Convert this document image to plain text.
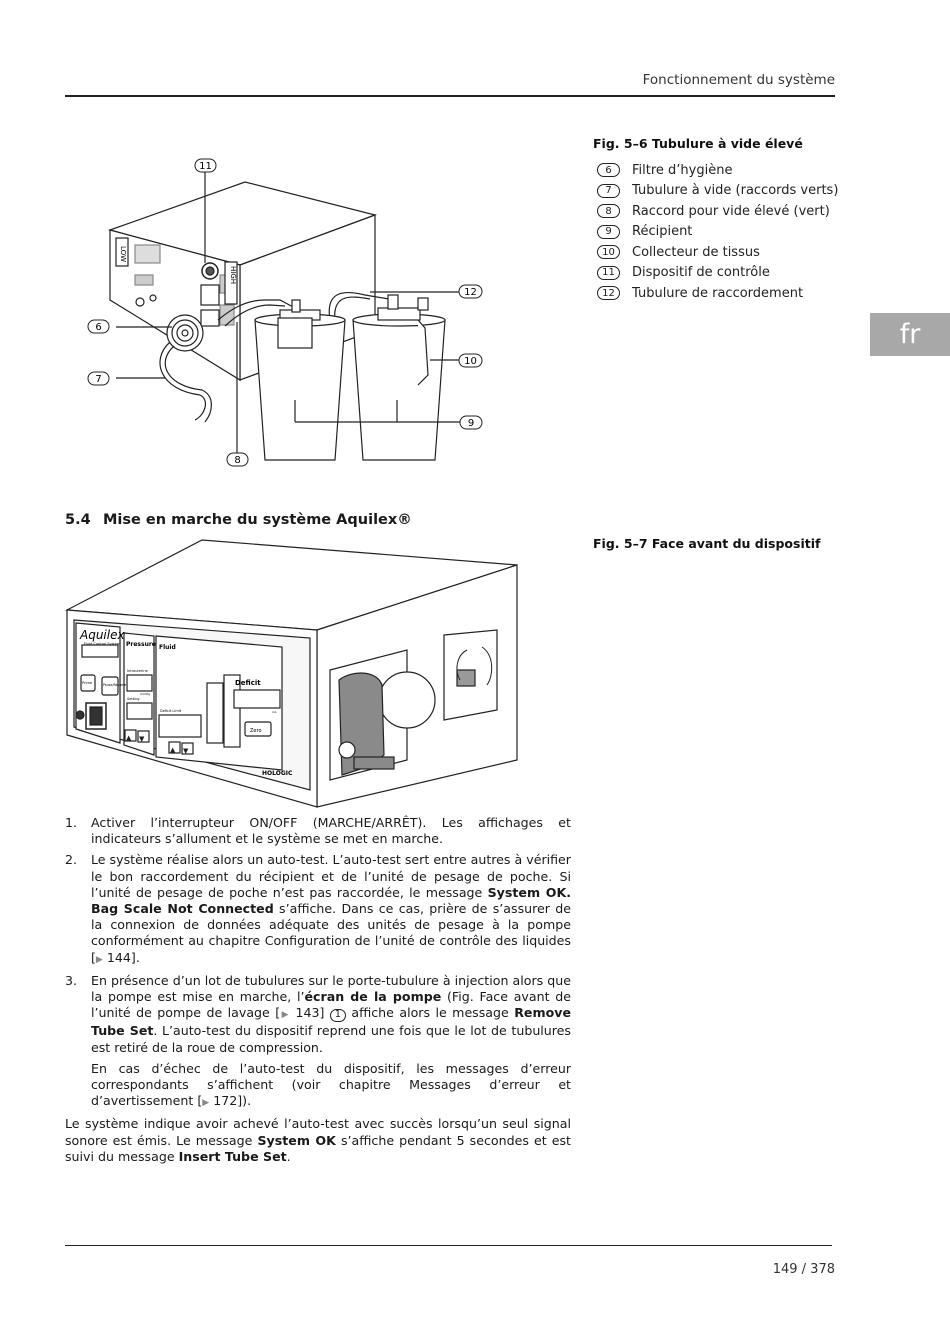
Fonctionnement du système
fr
LOW
HIGH
11
6
7
8
9
10
12
Fig. 5–6 Tubulure à vide élevé
6	Filtre d’hygiène
7	Tubulure à vide (raccords verts)
8	Raccord pour vide élevé (vert)
9	Récipient
10	Collecteur de tissus
11	Dispositif de contrôle
12	Tubulure de raccordement
5.4 Mise en marche du système Aquilex®
Fig. 5–7 Face avant du dispositif
Aquilex
Fluid Control System Pressure Fluid
Deficit
Prime	Pause/Resume
Intrauterine
Setting
Deficit Limit
Zero
mmHg
mL
HOLOGIC
▲ ▼
▲ ▼
1.	Activer l’interrupteur ON/OFF (MARCHE/ARRÊT). Les affichages et indicateurs s’allument et le système se met en marche.
2.	Le système réalise alors un auto-test. L’auto-test sert entre autres à vérifier le bon raccordement du récipient et de l’unité de pesage de poche. Si l’unité de pesage de poche n’est pas raccordée, le message System OK. Bag Scale Not Connected s’affiche. Dans ce cas, prière de s’assurer de la connexion de données adéquate des unités de pesage à la pompe conformément au chapitre Configuration de l’unité de contrôle des liquides [▶ 144].
3.	En présence d’un lot de tubulures sur le porte-tubulure à injection alors que la pompe est mise en marche, l’écran de la pompe (Fig. Face avant de l’unité de pompe de lavage [▶ 143] 1 affiche alors le message Remove Tube Set. L’auto-test du dispositif reprend une fois que le lot de tubulures est retiré de la roue de compression.
En cas d’échec de l’auto-test du dispositif, les messages d’erreur correspondants s’affichent (voir chapitre Messages d’erreur et d’avertissement [▶ 172]).
Le système indique avoir achevé l’auto-test avec succès lorsqu’un seul signal sonore est émis. Le message System OK s’affiche pendant 5 secondes et est suivi du message Insert Tube Set.
149 / 378
